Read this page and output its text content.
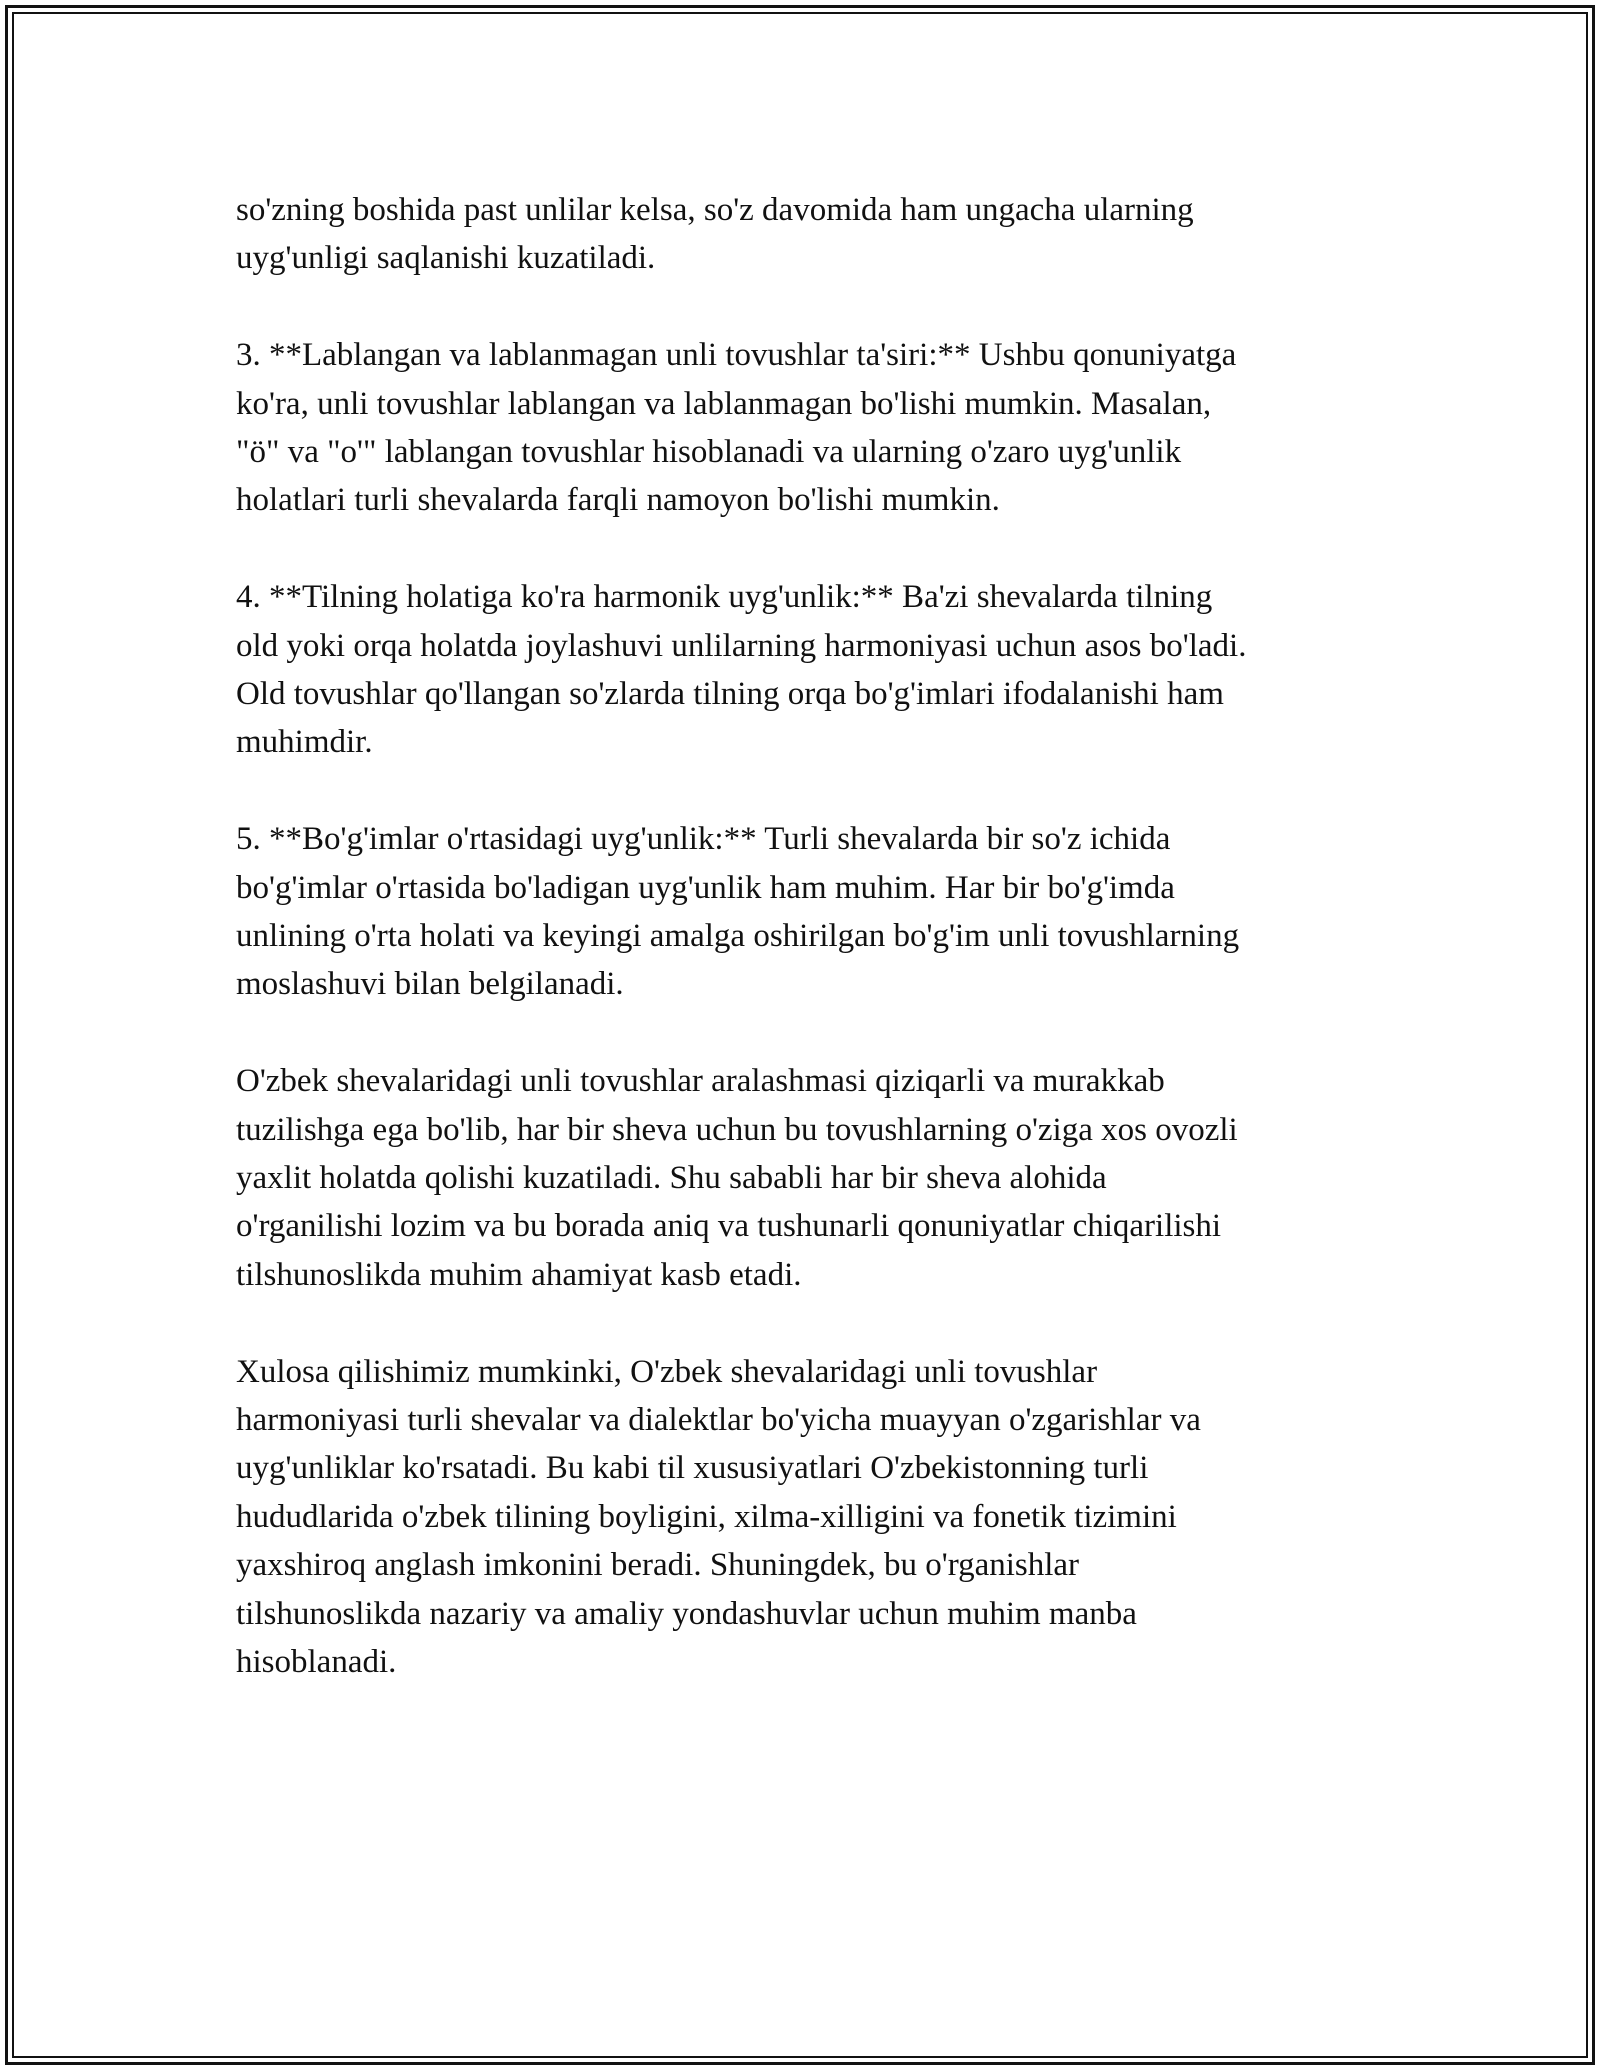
so'zning boshida past unlilar kelsa, so'z davomida ham ungacha ularning
uyg'unligi saqlanishi kuzatiladi.

3. **Lablangan va lablanmagan unli tovushlar ta'siri:** Ushbu qonuniyatga
ko'ra, unli tovushlar lablangan va lablanmagan bo'lishi mumkin. Masalan,
"ö" va "o'" lablangan tovushlar hisoblanadi va ularning o'zaro uyg'unlik
holatlari turli shevalarda farqli namoyon bo'lishi mumkin.

4. **Tilning holatiga ko'ra harmonik uyg'unlik:** Ba'zi shevalarda tilning
old yoki orqa holatda joylashuvi unlilarning harmoniyasi uchun asos bo'ladi.
Old tovushlar qo'llangan so'zlarda tilning orqa bo'g'imlari ifodalanishi ham
muhimdir.

5. **Bo'g'imlar o'rtasidagi uyg'unlik:** Turli shevalarda bir so'z ichida
bo'g'imlar o'rtasida bo'ladigan uyg'unlik ham muhim. Har bir bo'g'imda
unlining o'rta holati va keyingi amalga oshirilgan bo'g'im unli tovushlarning
moslashuvi bilan belgilanadi.

O'zbek shevalaridagi unli tovushlar aralashmasi qiziqarli va murakkab
tuzilishga ega bo'lib, har bir sheva uchun bu tovushlarning o'ziga xos ovozli
yaxlit holatda qolishi kuzatiladi. Shu sababli har bir sheva alohida
o'rganilishi lozim va bu borada aniq va tushunarli qonuniyatlar chiqarilishi
tilshunoslikda muhim ahamiyat kasb etadi.

Xulosa qilishimiz mumkinki, O'zbek shevalaridagi unli tovushlar
harmoniyasi turli shevalar va dialektlar bo'yicha muayyan o'zgarishlar va
uyg'unliklar ko'rsatadi. Bu kabi til xususiyatlari O'zbekistonning turli
hududlarida o'zbek tilining boyligini, xilma-xilligini va fonetik tizimini
yaxshiroq anglash imkonini beradi. Shuningdek, bu o'rganishlar
tilshunoslikda nazariy va amaliy yondashuvlar uchun muhim manba
hisoblanadi.
